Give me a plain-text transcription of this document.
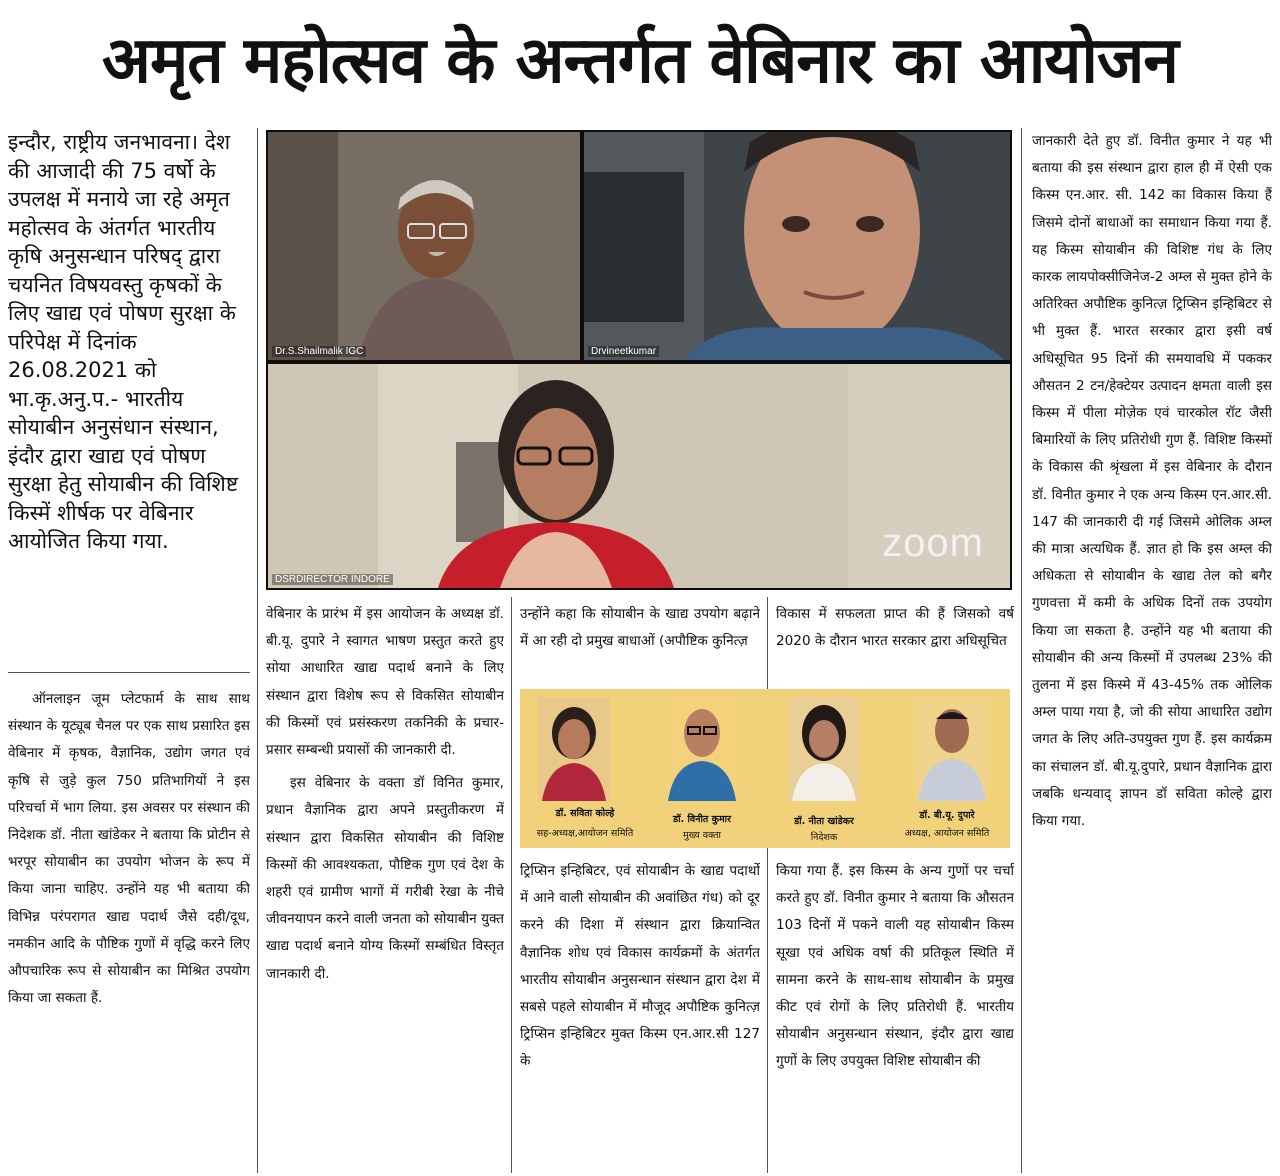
अमृत महोत्सव के अन्तर्गत वेबिनार का आयोजन

इन्दौर, राष्ट्रीय जनभावना। देश की आजादी की 75 वर्षो के उपलक्ष में मनाये जा रहे अमृत महोत्सव के अंतर्गत भारतीय कृषि अनुसन्धान परिषद् द्वारा चयनित विषयवस्तु कृषकों के लिए खाद्य एवं पोषण सुरक्षा के परिपेक्ष में दिनांक 26.08.2021 को भा.कृ.अनु.प.- भारतीय सोयाबीन अनुसंधान संस्थान, इंदौर द्वारा खाद्य एवं पोषण सुरक्षा हेतु सोयाबीन की विशिष्ट किस्में शीर्षक पर वेबिनार आयोजित किया गया.

ऑनलाइन जूम प्लेटफार्म के साथ साथ संस्थान के यूट्यूब चैनल पर एक साथ प्रसारित इस वेबिनार में कृषक, वैज्ञानिक, उद्योग जगत एवं कृषि से जुड़े कुल 750 प्रतिभागियों ने इस परिचर्चा में भाग लिया. इस अवसर पर संस्थान की निदेशक डॉ. नीता खांडेकर ने बताया कि प्रोटीन से भरपूर सोयाबीन का उपयोग भोजन के रूप में किया जाना चाहिए. उन्होंने यह भी बताया की विभिन्न परंपरागत खाद्य पदार्थ जैसे दही/दूध, नमकीन आदि के पौष्टिक गुणों में वृद्धि करने लिए औपचारिक रूप से सोयाबीन का मिश्रित उपयोग किया जा सकता हैं.

Dr.S.Shailmalik IGC	Drvineetkumar
DSRDIRECTOR INDORE
zoom

वेबिनार के प्रारंभ में इस आयोजन के अध्यक्ष डॉ. बी.यू. दुपारे ने स्वागत भाषण प्रस्तुत करते हुए सोया आधारित खाद्य पदार्थ बनाने के लिए संस्थान द्वारा विशेष रूप से विकसित सोयाबीन की किस्मों एवं प्रसंस्करण तकनिकी के प्रचार-प्रसार सम्बन्धी प्रयासों की जानकारी दी.

इस वेबिनार के वक्ता डॉ विनित कुमार, प्रधान वैज्ञानिक द्वारा अपने प्रस्तुतीकरण में संस्थान द्वारा विकसित सोयाबीन की विशिष्ट किस्मों की आवश्यकता, पौष्टिक गुण एवं देश के शहरी एवं ग्रामीण भागों में गरीबी रेखा के नीचे जीवनयापन करने वाली जनता को सोयाबीन युक्त खाद्य पदार्थ बनाने योग्य किस्मों सम्बंधित विस्तृत जानकारी दी.

उन्होंने कहा कि सोयाबीन के खाद्य उपयोग बढ़ाने में आ रही दो प्रमुख बाधाओं (अपौष्टिक कुनित्ज़

ट्रिप्सिन इन्हिबिटर, एवं सोयाबीन के खाद्य पदार्थो में आने वाली सोयाबीन की अवांछित गंध) को दूर करने की दिशा में संस्थान द्वारा क्रियान्वित वैज्ञानिक शोध एवं विकास कार्यक्रमों के अंतर्गत भारतीय सोयाबीन अनुसन्धान संस्थान द्वारा देश में सबसे पहले सोयाबीन में मौजूद अपौष्टिक कुनित्ज़ ट्रिप्सिन इन्हिबिटर मुक्त किस्म एन.आर.सी 127 के

विकास में सफलता प्राप्त की हैं जिसको वर्ष 2020 के दौरान भारत सरकार द्वारा अधिसूचित

किया गया हैं. इस किस्म के अन्य गुणों पर चर्चा करते हुए डॉ. विनीत कुमार ने बताया कि औसतन 103 दिनों में पकने वाली यह सोयाबीन किस्म सूखा एवं अधिक वर्षा की प्रतिकूल स्थिति में सामना करने के साथ-साथ सोयाबीन के प्रमुख कीट एवं रोगों के लिए प्रतिरोधी हैं. भारतीय सोयाबीन अनुसन्धान संस्थान, इंदौर द्वारा खाद्य गुणों के लिए उपयुक्त विशिष्ट सोयाबीन की

डॉ. सविता कोल्हे
सह-अध्यक्ष,आयोजन समिति
डॉ. विनीत कुमार
मुख्य वक्ता
डॉ. नीता खांडेकर
निदेशक
डॉ. बी.यू. दुपारे
अध्यक्ष, आयोजन समिति

जानकारी देते हुए डॉ. विनीत कुमार ने यह भी बताया की इस संस्थान द्वारा हाल ही में ऐसी एक किस्म एन.आर. सी. 142 का विकास किया हैं जिसमे दोनों बाधाओं का समाधान किया गया हैं. यह किस्म सोयाबीन की विशिष्ट गंध के लिए कारक लायपोक्सीजिनेज-2 अम्ल से मुक्त होने के अतिरिक्त अपौष्टिक कुनित्ज़ ट्रिप्सिन इन्हिबिटर से भी मुक्त हैं. भारत सरकार द्वारा इसी वर्ष अधिसूचित 95 दिनों की समयावधि में पककर औसतन 2 टन/हेक्टेयर उत्पादन क्षमता वाली इस किस्म में पीला मोज़ेक एवं चारकोल रॉट जैसी बिमारियों के लिए प्रतिरोधी गुण हैं. विशिष्ट किस्मों के विकास की श्रृंखला में इस वेबिनार के दौरान डॉ. विनीत कुमार ने एक अन्य किस्म एन.आर.सी. 147 की जानकारी दी गई जिसमे ओलिक अम्ल की मात्रा अत्यधिक हैं. ज्ञात हो कि इस अम्ल की अधिकता से सोयाबीन के खाद्य तेल को बगैर गुणवत्ता में कमी के अधिक दिनों तक उपयोग किया जा सकता है. उन्होंने यह भी बताया की सोयाबीन की अन्य किस्मों में उपलब्ध 23% की तुलना में इस किस्मे में 43-45% तक ओलिक अम्ल पाया गया है, जो की सोया आधारित उद्योग जगत के लिए अति-उपयुक्त गुण हैं. इस कार्यक्रम का संचालन डॉ. बी.यू.दुपारे, प्रधान वैज्ञानिक द्वारा जबकि धन्यवाद् ज्ञापन डॉ सविता कोल्हे द्वारा किया गया.
